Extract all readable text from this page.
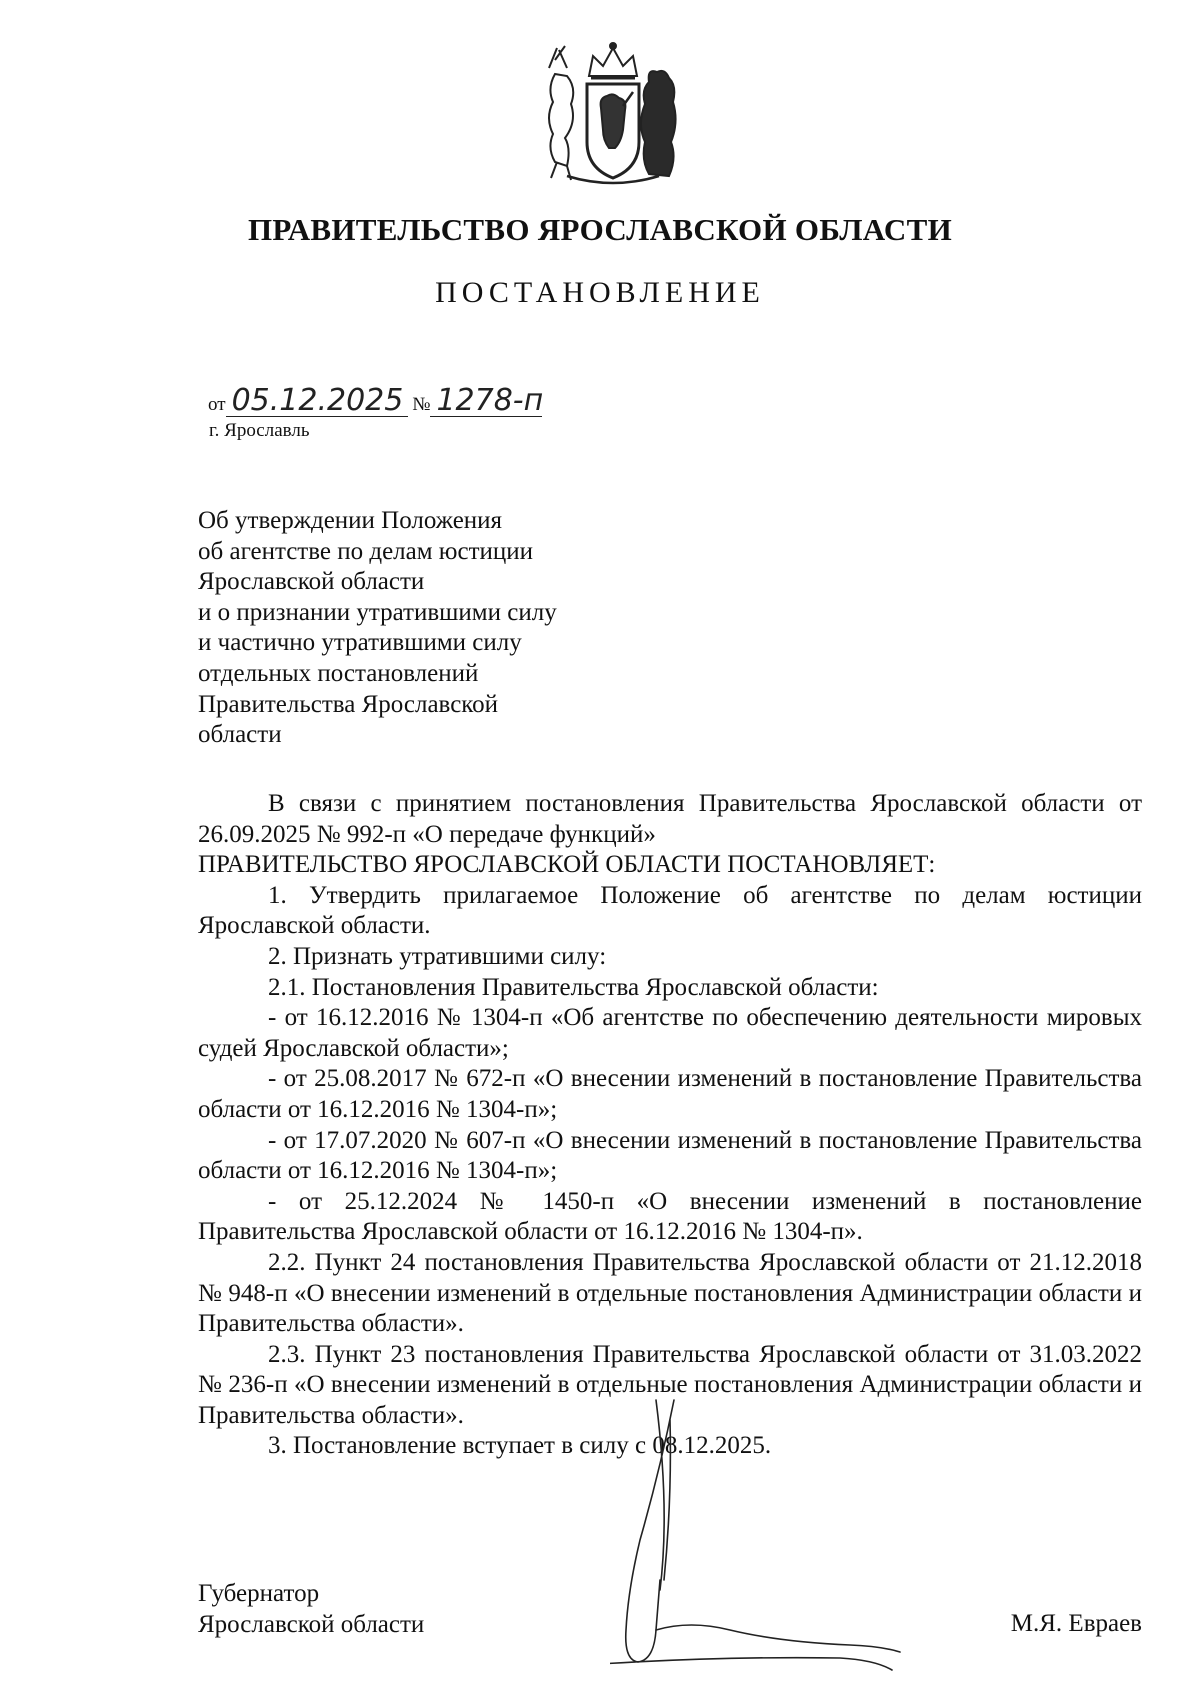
ПРАВИТЕЛЬСТВО ЯРОСЛАВСКОЙ ОБЛАСТИ
ПОСТАНОВЛЕНИЕ
от 05.12.2025 № 1278-п
г. Ярославль
Об утверждении Положения
об агентстве по делам юстиции
Ярославской области
и о признании утратившими силу
и частично утратившими силу
отдельных постановлений
Правительства Ярославской
области

В связи с принятием постановления Правительства Ярославской области от 26.09.2025 № 992-п «О передаче функций»

ПРАВИТЕЛЬСТВО ЯРОСЛАВСКОЙ ОБЛАСТИ ПОСТАНОВЛЯЕТ:

1. Утвердить прилагаемое Положение об агентстве по делам юстиции Ярославской области.

2. Признать утратившими силу:

2.1. Постановления Правительства Ярославской области:

- от 16.12.2016 № 1304-п «Об агентстве по обеспечению деятельности мировых судей Ярославской области»;

- от 25.08.2017 № 672-п «О внесении изменений в постановление Правительства области от 16.12.2016 № 1304-п»;

- от 17.07.2020 № 607-п «О внесении изменений в постановление Правительства области от 16.12.2016 № 1304-п»;

- от 25.12.2024 № 1450-п «О внесении изменений в постановление Правительства Ярославской области от 16.12.2016 № 1304-п».

2.2. Пункт 24 постановления Правительства Ярославской области от 21.12.2018 № 948-п «О внесении изменений в отдельные постановления Администрации области и Правительства области».

2.3. Пункт 23 постановления Правительства Ярославской области от 31.03.2022 № 236-п «О внесении изменений в отдельные постановления Администрации области и Правительства области».

3. Постановление вступает в силу с 08.12.2025.

Губернатор
Ярославской области	М.Я. Евраев
